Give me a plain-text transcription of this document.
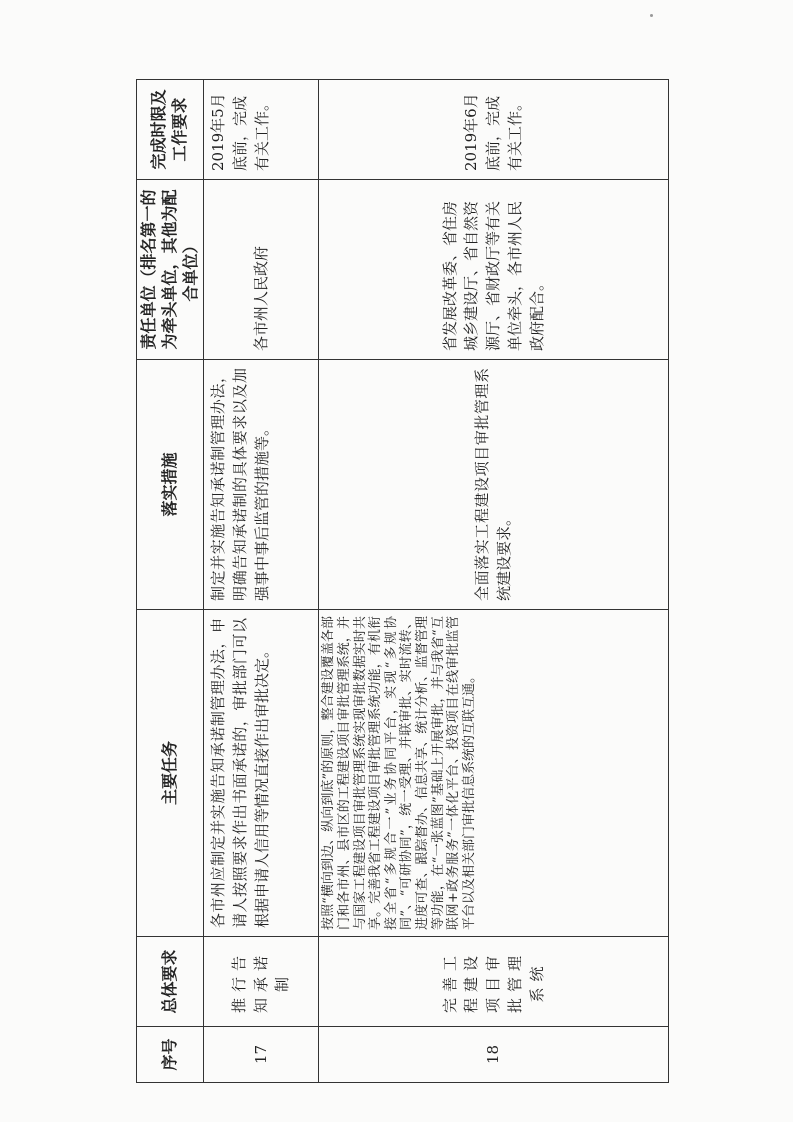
序号	总体要求	主要任务	落实措施	责任单位（排名第一的为牵头单位，其他为配合单位）	完成时限及工作要求
17	推行告知承诺制	各市州应制定并实施告知承诺制管理办法，申请人按照要求作出书面承诺的，审批部门可以根据申请人信用等情况直接作出审批决定。	制定并实施告知承诺制管理办法，明确告知承诺制的具体要求以及加强事中事后监管的措施等。	各市州人民政府	2019年5月底前，完成有关工作。
18	完善工程建设项目审批管理系统	按照“横向到边、纵向到底”的原则，整合建设覆盖各部门和各市州、县市区的工程建设项目审批管理系统，并与国家工程建设项目审批管理系统实现审批数据实时共享。完善我省工程建设项目审批管理系统功能，有机衔接全省“多规合一”业务协同平台，实现“多规协同”、“可研协同”，统一受理、并联审批、实时流转、进度可查、跟踪督办、信息共享、统计分析、监督管理等功能，在“一张蓝图”基础上开展审批，并与我省“互联网+政务服务”一体化平台、投资项目在线审批监管平台以及相关部门审批信息系统的互联互通。	全面落实工程建设项目审批管理系统建设要求。	省发展改革委、省住房城乡建设厅、省自然资源厅、省财政厅等有关单位牵头，各市州人民政府配合。	2019年6月底前，完成有关工作。
